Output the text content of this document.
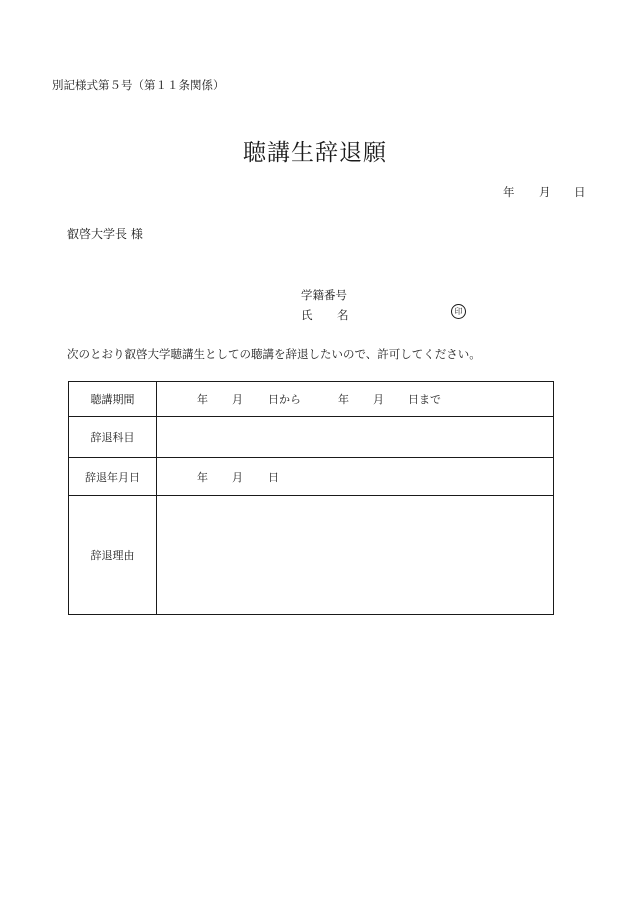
別記様式第５号（第１１条関係）
聴講生辞退願
年 月 日
叡啓大学長 様
学籍番号
氏 名	印
次のとおり叡啓大学聴講生としての聴講を辞退したいので、許可してください。
聴講期間	年 月 日から 年 月 日まで
辞退科目	
辞退年月日	年 月 日
辞退理由	
